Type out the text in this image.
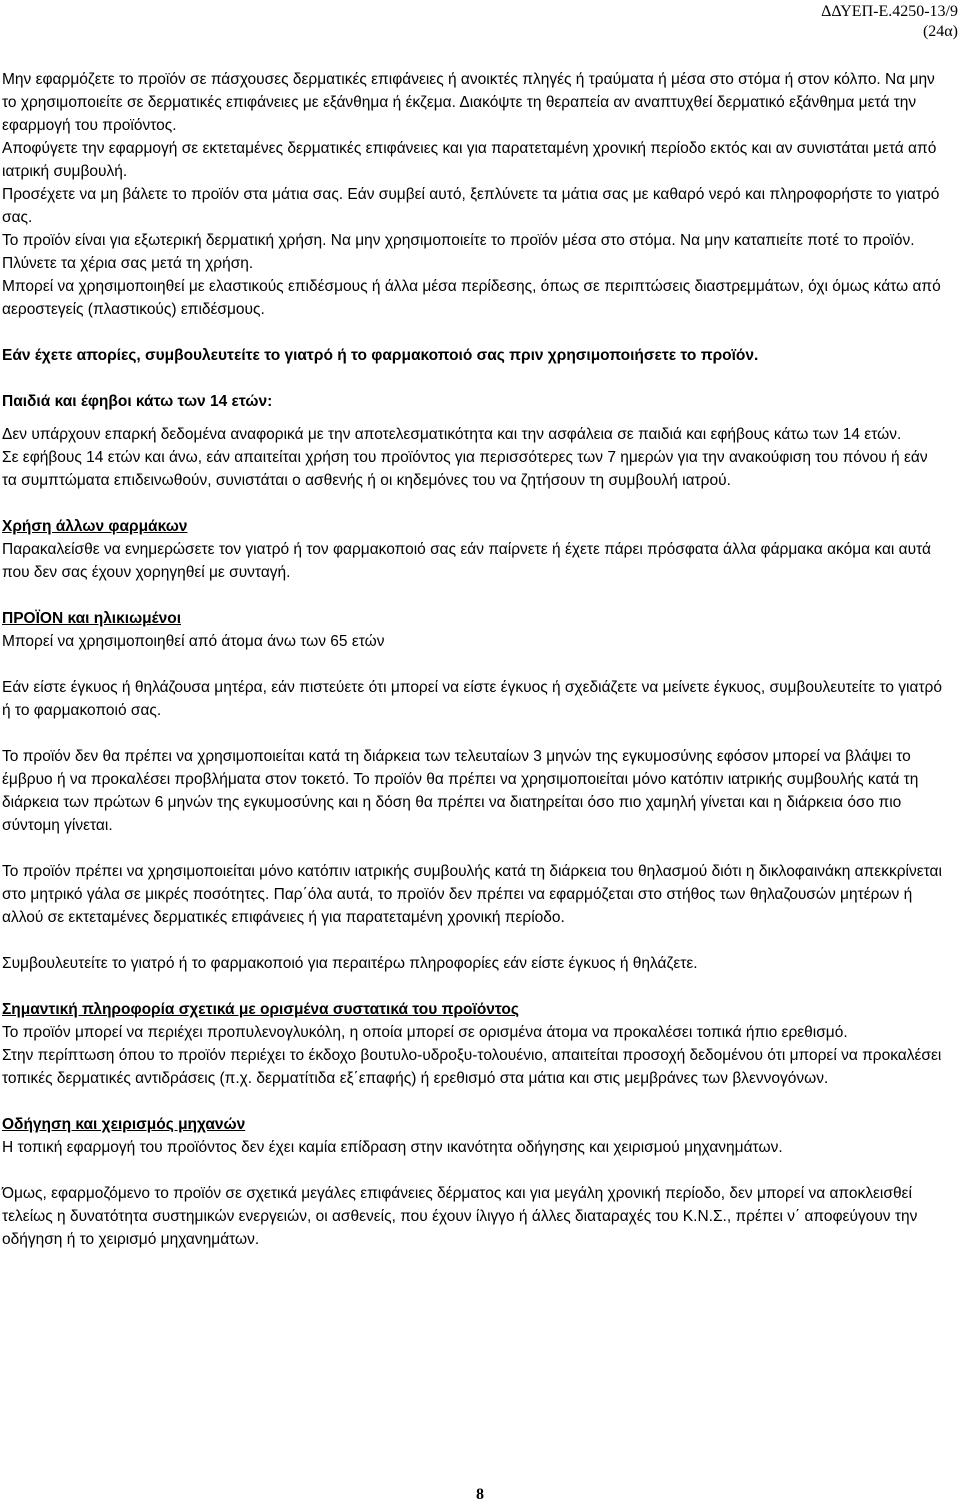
ΔΔΥΕΠ-Ε.4250-13/9
(24α)

Μην εφαρμόζετε το προϊόν σε πάσχουσες δερματικές επιφάνειες ή ανοικτές πληγές ή τραύματα ή μέσα στο στόμα ή στον κόλπο. Να μην το χρησιμοποιείτε σε δερματικές επιφάνειες με εξάνθημα ή έκζεμα. Διακόψτε τη θεραπεία αν αναπτυχθεί δερματικό εξάνθημα μετά την εφαρμογή του προϊόντος.

Αποφύγετε την εφαρμογή σε εκτεταμένες δερματικές επιφάνειες και για παρατεταμένη χρονική περίοδο εκτός και αν συνιστάται μετά από ιατρική συμβουλή.

Προσέχετε να μη βάλετε το προϊόν στα μάτια σας. Εάν συμβεί αυτό, ξεπλύνετε τα μάτια σας με καθαρό νερό και πληροφορήστε το γιατρό σας.

Το προϊόν είναι για εξωτερική δερματική χρήση. Να μην χρησιμοποιείτε το προϊόν μέσα στο στόμα. Να μην καταπιείτε ποτέ το προϊόν. Πλύνετε τα χέρια σας μετά τη χρήση.

Μπορεί να χρησιμοποιηθεί με ελαστικούς επιδέσμους ή άλλα μέσα περίδεσης, όπως σε περιπτώσεις διαστρεμμάτων, όχι όμως κάτω από αεροστεγείς (πλαστικούς) επιδέσμους.

Εάν έχετε απορίες, συμβουλευτείτε το γιατρό ή το φαρμακοποιό σας πριν χρησιμοποιήσετε το προϊόν.

Παιδιά και έφηβοι κάτω των 14 ετών:

Δεν υπάρχουν επαρκή δεδομένα αναφορικά με την αποτελεσματικότητα και την ασφάλεια σε παιδιά και εφήβους κάτω των 14 ετών.

Σε εφήβους 14 ετών και άνω, εάν απαιτείται χρήση του προϊόντος για περισσότερες των 7 ημερών για την ανακούφιση του πόνου ή εάν τα συμπτώματα επιδεινωθούν, συνιστάται ο ασθενής ή οι κηδεμόνες του να ζητήσουν τη συμβουλή ιατρού.

Χρήση άλλων φαρμάκων

Παρακαλείσθε να ενημερώσετε τον γιατρό ή τον φαρμακοποιό σας εάν παίρνετε ή έχετε πάρει πρόσφατα άλλα φάρμακα ακόμα και αυτά που δεν σας έχουν χορηγηθεί με συνταγή.

ΠΡΟΪΟΝ και ηλικιωμένοι

Μπορεί να χρησιμοποιηθεί από άτομα άνω των 65 ετών

Εάν είστε έγκυος ή θηλάζουσα μητέρα, εάν πιστεύετε ότι μπορεί να είστε έγκυος ή σχεδιάζετε να μείνετε έγκυος, συμβουλευτείτε το γιατρό ή το φαρμακοποιό σας.

Το προϊόν δεν θα πρέπει να χρησιμοποιείται κατά τη διάρκεια των τελευταίων 3 μηνών της εγκυμοσύνης εφόσον μπορεί να βλάψει το έμβρυο ή να προκαλέσει προβλήματα στον τοκετό. Το προϊόν θα πρέπει να χρησιμοποιείται μόνο κατόπιν ιατρικής συμβουλής κατά τη διάρκεια των πρώτων 6 μηνών της εγκυμοσύνης και η δόση θα πρέπει να διατηρείται όσο πιο χαμηλή γίνεται και η διάρκεια όσο πιο σύντομη γίνεται.

Το προϊόν πρέπει να χρησιμοποιείται μόνο κατόπιν ιατρικής συμβουλής κατά τη διάρκεια του θηλασμού διότι η δικλοφαινάκη απεκκρίνεται στο μητρικό γάλα σε μικρές ποσότητες. Παρ΄όλα αυτά, το προϊόν δεν πρέπει να εφαρμόζεται στο στήθος των θηλαζουσών μητέρων ή αλλού σε εκτεταμένες δερματικές επιφάνειες ή για παρατεταμένη χρονική περίοδο.

Συμβουλευτείτε το γιατρό ή το φαρμακοποιό για περαιτέρω πληροφορίες εάν είστε έγκυος ή θηλάζετε.

Σημαντική πληροφορία σχετικά με ορισμένα συστατικά του προϊόντος

Το προϊόν μπορεί να περιέχει προπυλενογλυκόλη, η οποία μπορεί σε ορισμένα άτομα να προκαλέσει τοπικά ήπιο ερεθισμό.

Στην περίπτωση όπου το προϊόν περιέχει το έκδοχο βουτυλο-υδροξυ-τολουένιο, απαιτείται προσοχή δεδομένου ότι μπορεί να προκαλέσει τοπικές δερματικές αντιδράσεις (π.χ. δερματίτιδα εξ΄επαφής) ή ερεθισμό στα μάτια και στις μεμβράνες των βλεννογόνων.

Οδήγηση και χειρισμός μηχανών

Η τοπική εφαρμογή του προϊόντος δεν έχει καμία επίδραση στην ικανότητα οδήγησης και χειρισμού μηχανημάτων.

Όμως, εφαρμοζόμενο το προϊόν σε σχετικά μεγάλες επιφάνειες δέρματος και για μεγάλη χρονική περίοδο, δεν μπορεί να αποκλεισθεί τελείως η δυνατότητα συστημικών ενεργειών, οι ασθενείς, που έχουν ίλιγγο ή άλλες διαταραχές του Κ.Ν.Σ., πρέπει ν΄ αποφεύγουν την οδήγηση ή το χειρισμό μηχανημάτων.

8
